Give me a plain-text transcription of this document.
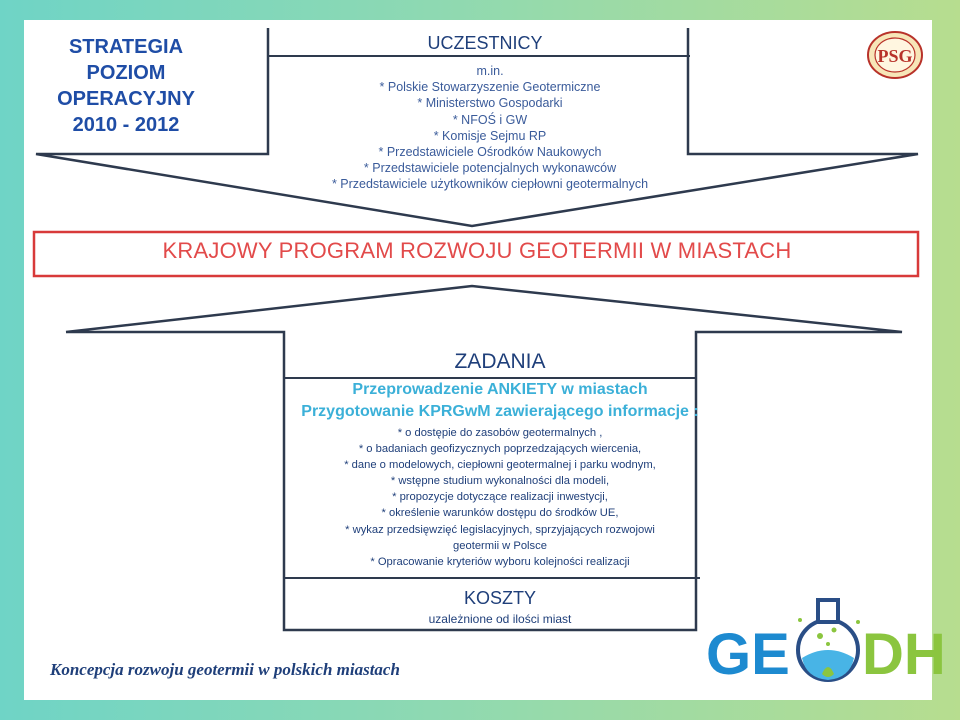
STRATEGIA
POZIOM
OPERACYJNY
2010 - 2012
UCZESTNICY
m.in.
* Polskie Stowarzyszenie Geotermiczne
* Ministerstwo Gospodarki
* NFOŚ i GW
* Komisje Sejmu RP
* Przedstawiciele Ośrodków Naukowych
* Przedstawiciele potencjalnych wykonawców
* Przedstawiciele użytkowników ciepłowni geotermalnych
KRAJOWY PROGRAM ROZWOJU GEOTERMII W MIASTACH
ZADANIA
Przeprowadzenie ANKIETY w miastach
Przygotowanie KPRGwM zawierającego informacje :
* o dostępie do zasobów geotermalnych ,
* o badaniach geofizycznych poprzedzających wiercenia,
* dane o modelowych, ciepłowni geotermalnej i parku wodnym,
* wstępne studium wykonalności dla modeli,
* propozycje dotyczące realizacji inwestycji,
* określenie warunków dostępu do środków UE,
* wykaz przedsięwzięć legislacyjnych, sprzyjających rozwojowi
geotermii w Polsce
* Opracowanie kryteriów wyboru kolejności realizacji
KOSZTY
uzależnione od ilości miast
Koncepcja rozwoju geotermii w polskich miastach
PSG
GE DH
